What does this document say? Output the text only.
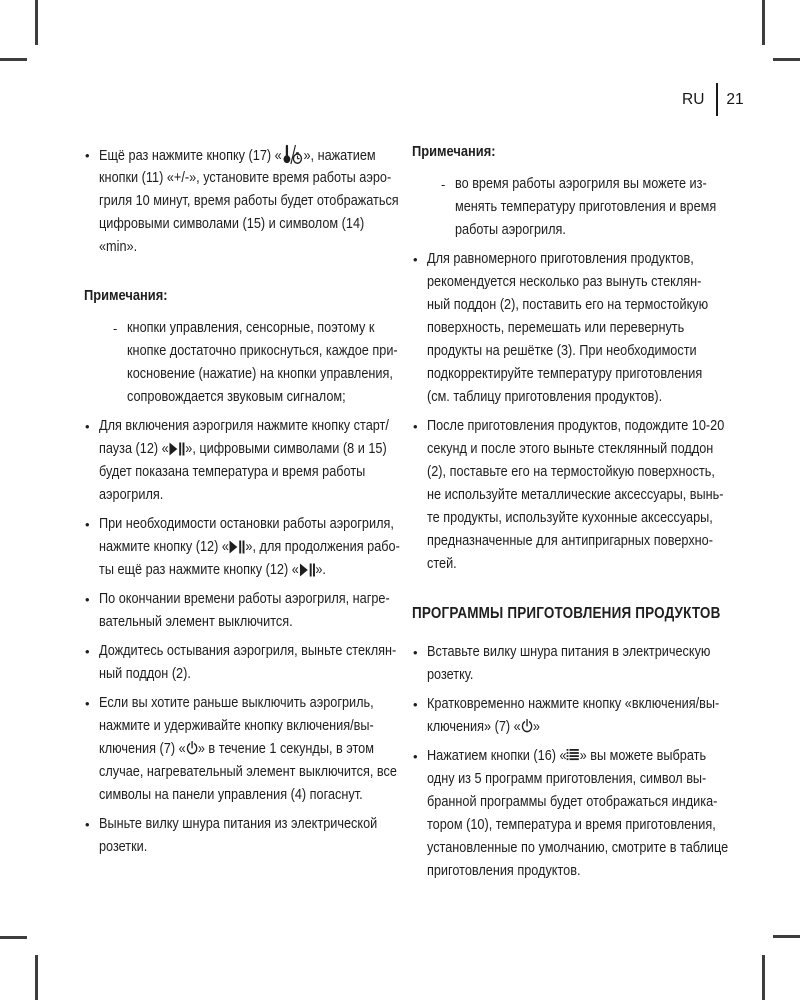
RU 21
• Ещё раз нажмите кнопку (17) « », нажатием
кнопки (11) «+/-», установите время работы аэро-
гриля 10 минут, время работы будет отображаться
цифровыми символами (15) и символом (14)
«min».
Примечания:
- кнопки управления, сенсорные, поэтому к
кнопке достаточно прикоснуться, каждое при-
косновение (нажатие) на кнопки управления,
сопровождается звуковым сигналом;
• Для включения аэрогриля нажмите кнопку старт/
пауза (12) « », цифровыми символами (8 и 15)
будет показана температура и время работы
аэрогриля.
• При необходимости остановки работы аэрогриля,
нажмите кнопку (12) « », для продолжения рабо-
ты ещё раз нажмите кнопку (12) « ».
• По окончании времени работы аэрогриля, нагре-
вательный элемент выключится.
• Дождитесь остывания аэрогриля, выньте стеклян-
ный поддон (2).
• Если вы хотите раньше выключить аэрогриль,
нажмите и удерживайте кнопку включения/вы-
ключения (7) « » в течение 1 секунды, в этом
случае, нагревательный элемент выключится, все
символы на панели управления (4) погаснут.
• Выньте вилку шнура питания из электрической
розетки.
Примечания:
- во время работы аэрогриля вы можете из-
менять температуру приготовления и время
работы аэрогриля.
• Для равномерного приготовления продуктов,
рекомендуется несколько раз вынуть стеклян-
ный поддон (2), поставить его на термостойкую
поверхность, перемешать или перевернуть
продукты на решётке (3). При необходимости
подкорректируйте температуру приготовления
(см. таблицу приготовления продуктов).
• После приготовления продуктов, подождите 10-20
секунд и после этого выньте стеклянный поддон
(2), поставьте его на термостойкую поверхность,
не используйте металлические аксессуары, вынь-
те продукты, используйте кухонные аксессуары,
предназначенные для антипригарных поверхно-
стей.
ПРОГРАММЫ ПРИГОТОВЛЕНИЯ ПРОДУКТОВ
• Вставьте вилку шнура питания в электрическую
розетку.
• Кратковременно нажмите кнопку «включения/вы-
ключения» (7) « »
• Нажатием кнопки (16) « » вы можете выбрать
одну из 5 программ приготовления, символ вы-
бранной программы будет отображаться индика-
тором (10), температура и время приготовления,
установленные по умолчанию, смотрите в таблице
приготовления продуктов.
